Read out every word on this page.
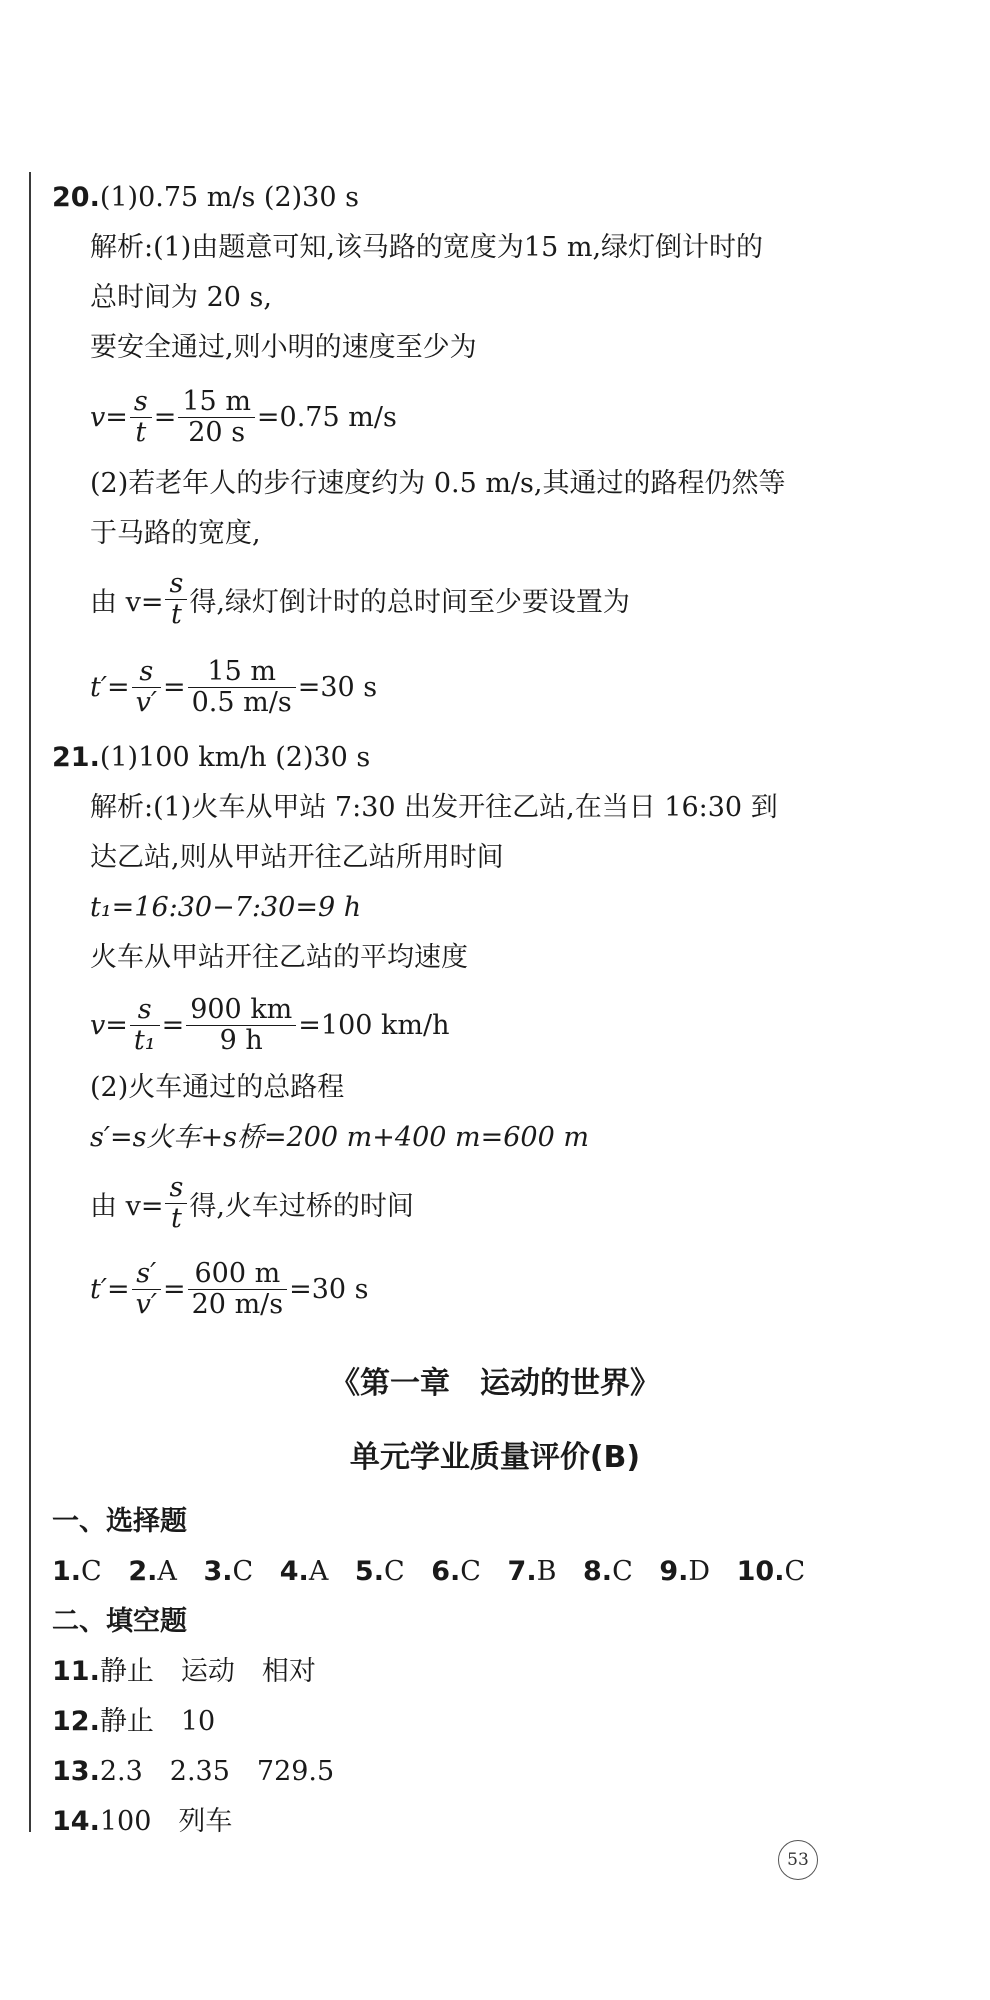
20.(1)0.75 m/s (2)30 s
解析:(1)由题意可知,该马路的宽度为15 m,绿灯倒计时的
总时间为 20 s,
要安全通过,则小明的速度至少为
$v= \frac{s}{t} = \frac{15 m}{20 s} =0.75$ m/s
(2)若老年人的步行速度约为 0.5 m/s,其通过的路程仍然等
于马路的宽度,
由 $v= \frac{s}{t}$ 得,绿灯倒计时的总时间至少要设置为
$t'= \frac{s}{v'} = \frac{15 m}{0.5 m/s} =30$ s
21.(1)100 km/h (2)30 s
解析:(1)火车从甲站 7:30 出发开往乙站,在当日 16:30 到
达乙站,则从甲站开往乙站所用时间
t₁=16:30−7:30=9 h
火车从甲站开往乙站的平均速度
$v= \frac{s}{\text{t₁}} = \frac{900 km}{9 h} =100$ km/h
(2)火车通过的总路程
s′=s火车+s桥=200 m+400 m=600 m
由 $v= \frac{s}{t}$ 得,火车过桥的时间
$t'= \frac{s'}{v'} = \frac{600 m}{20 m/s} =30$ s
《第一章　运动的世界》
单元学业质量评价(B)
一、选择题
1.C 2.A 3.C 4.A 5.C 6.C 7.B 8.C 9.D 10.C
二、填空题
11.静止　运动　相对
12.静止　10
13.2.3　2.35　729.5
14.100　列车
53
